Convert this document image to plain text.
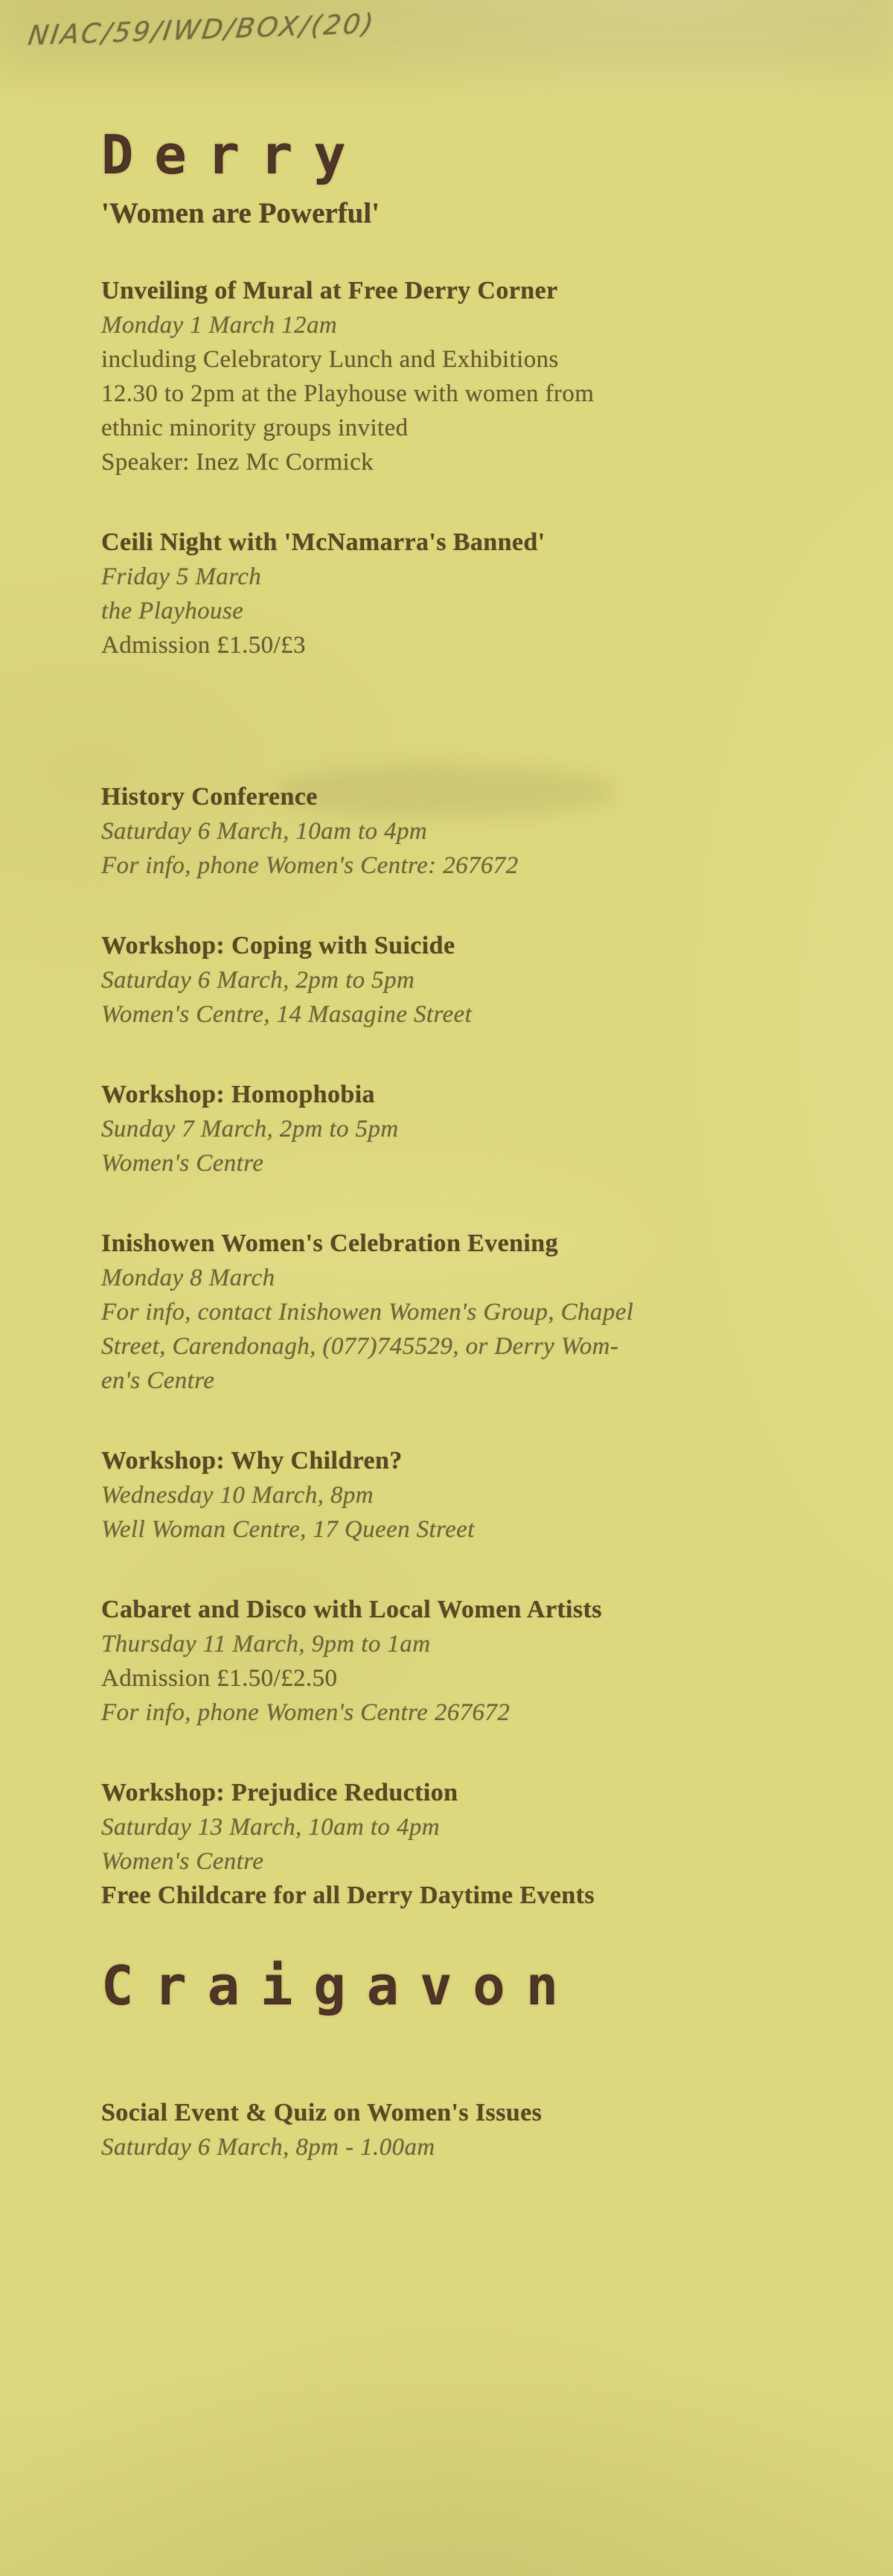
NIAC/59/IWD/BOX/(20)
Derry
'Women are Powerful'
Unveiling of Mural at Free Derry Corner
Monday 1 March 12am
including Celebratory Lunch and Exhibitions
12.30 to 2pm at the Playhouse with women from
ethnic minority groups invited
Speaker: Inez Mc Cormick
Ceili Night with 'McNamarra's Banned'
Friday 5 March
the Playhouse
Admission £1.50/£3
History Conference
Saturday 6 March, 10am to 4pm
For info, phone Women's Centre: 267672
Workshop: Coping with Suicide
Saturday 6 March, 2pm to 5pm
Women's Centre, 14 Masagine Street
Workshop: Homophobia
Sunday 7 March, 2pm to 5pm
Women's Centre
Inishowen Women's Celebration Evening
Monday 8 March
For info, contact Inishowen Women's Group, Chapel
Street, Carendonagh, (077)745529, or Derry Wom-
en's Centre
Workshop: Why Children?
Wednesday 10 March, 8pm
Well Woman Centre, 17 Queen Street
Cabaret and Disco with Local Women Artists
Thursday 11 March, 9pm to 1am
Admission £1.50/£2.50
For info, phone Women's Centre 267672
Workshop: Prejudice Reduction
Saturday 13 March, 10am to 4pm
Women's Centre
Free Childcare for all Derry Daytime Events
Craigavon
Social Event & Quiz on Women's Issues
Saturday 6 March, 8pm - 1.00am
